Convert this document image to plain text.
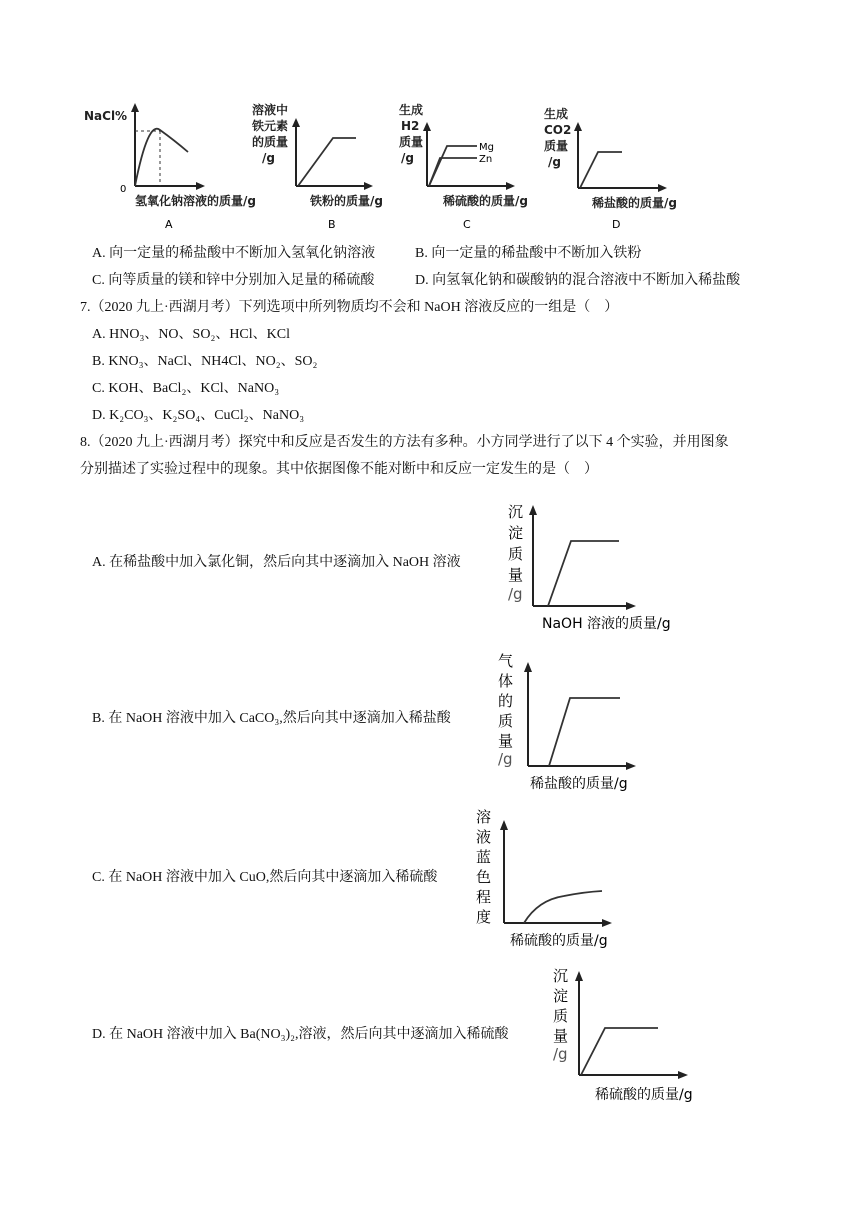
NaCl%
0
氢氧化钠溶液的质量/g
A
溶液中
铁元素
的质量
/g
铁粉的质量/g
B
生成
H2
质量
/g
Mg
Zn
稀硫酸的质量/g
C
生成
CO2
质量
/g
稀盐酸的质量/g
D
A. 向一定量的稀盐酸中不断加入氢氧化钠溶液	B. 向一定量的稀盐酸中不断加入铁粉
C. 向等质量的镁和锌中分别加入足量的稀硫酸	D. 向氢氧化钠和碳酸钠的混合溶液中不断加入稀盐酸
7.（2020 九上·西湖月考）下列选项中所列物质均不会和 NaOH 溶液反应的一组是（　）
A. HNO₃、NO、SO₂、HCl、KCl
B. KNO₃、NaCl、NH4Cl、NO₂、SO₂
C. KOH、BaCl₂、KCl、NaNO₃
D. K₂CO₃、K₂SO₄、CuCl₂、NaNO₃
8.（2020 九上·西湖月考）探究中和反应是否发生的方法有多种。小方同学进行了以下 4 个实验，并用图象
分别描述了实验过程中的现象。其中依据图像不能对断中和反应一定发生的是（　）
A. 在稀盐酸中加入氯化铜，然后向其中逐滴加入 NaOH 溶液
B. 在 NaOH 溶液中加入 CaCO₃,然后向其中逐滴加入稀盐酸
C. 在 NaOH 溶液中加入 CuO,然后向其中逐滴加入稀硫酸
D. 在 NaOH 溶液中加入 Ba(NO₃)₂,溶液，然后向其中逐滴加入稀硫酸
沉
淀
质
量
/g
NaOH 溶液的质量/g
气
体
的
质
量
/g
稀盐酸的质量/g
溶
液
蓝
色
程
度
稀硫酸的质量/g
沉
淀
质
量
/g
稀硫酸的质量/g
